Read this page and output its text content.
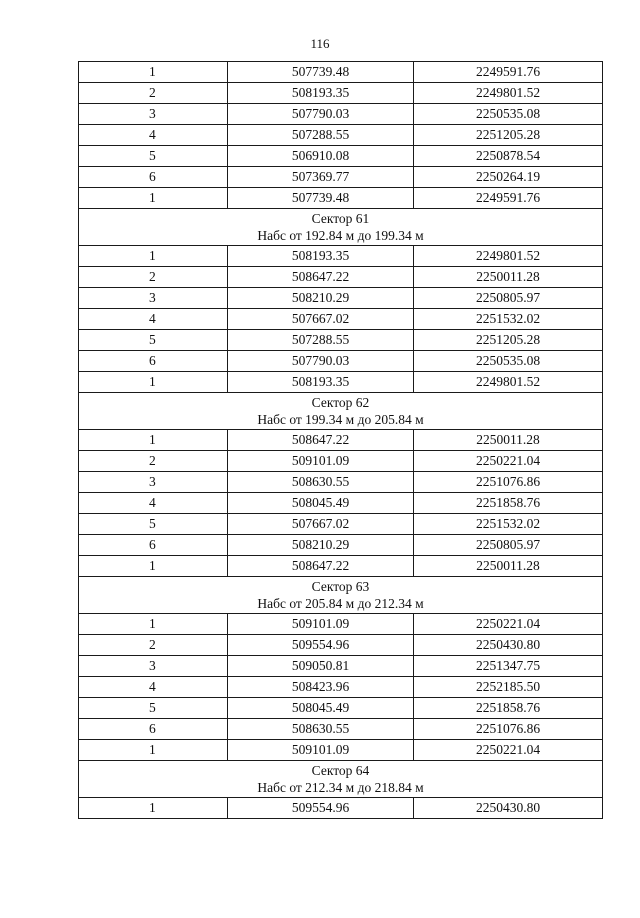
116
1	507739.48	2249591.76
2	508193.35	2249801.52
3	507790.03	2250535.08
4	507288.55	2251205.28
5	506910.08	2250878.54
6	507369.77	2250264.19
1	507739.48	2249591.76

Сектор 61
Набс от 192.84 м до 199.34 м		

1	508193.35	2249801.52
2	508647.22	2250011.28
3	508210.29	2250805.97
4	507667.02	2251532.02
5	507288.55	2251205.28
6	507790.03	2250535.08
1	508193.35	2249801.52

Сектор 62
Набс от 199.34 м до 205.84 м		

1	508647.22	2250011.28
2	509101.09	2250221.04
3	508630.55	2251076.86
4	508045.49	2251858.76
5	507667.02	2251532.02
6	508210.29	2250805.97
1	508647.22	2250011.28

Сектор 63
Набс от 205.84 м до 212.34 м		

1	509101.09	2250221.04
2	509554.96	2250430.80
3	509050.81	2251347.75
4	508423.96	2252185.50
5	508045.49	2251858.76
6	508630.55	2251076.86
1	509101.09	2250221.04

Сектор 64
Набс от 212.34 м до 218.84 м		

1	509554.96	2250430.80
